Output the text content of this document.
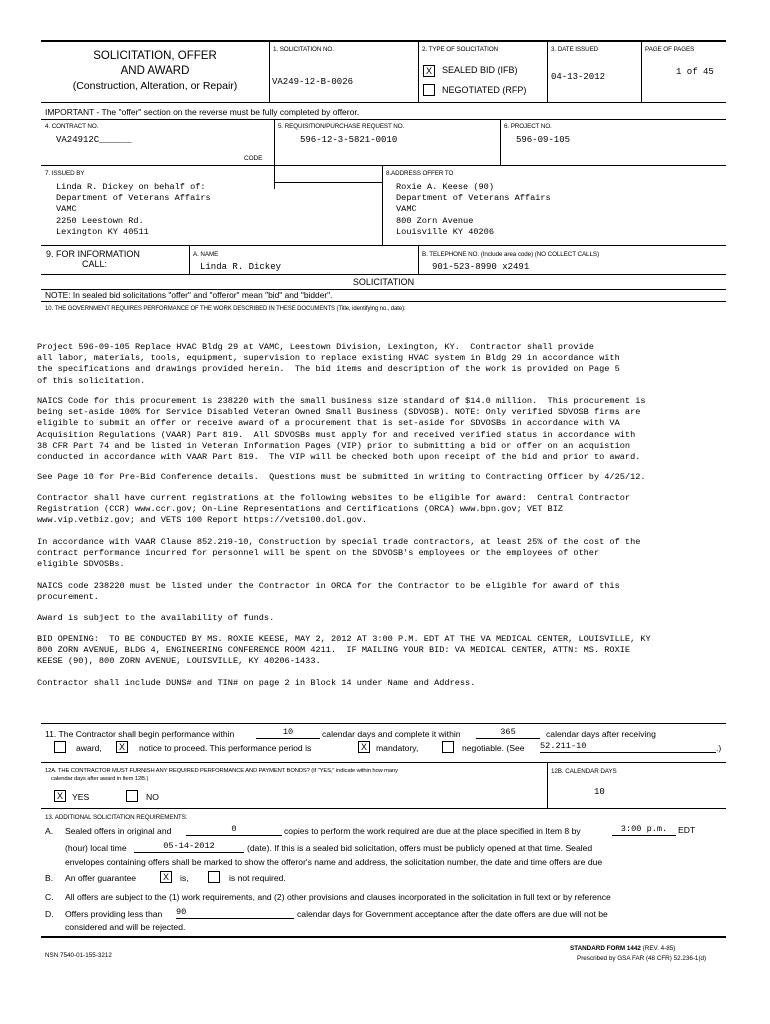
SOLICITATION, OFFER
AND AWARD
(Construction, Alteration, or Repair)
1. SOLICITATION NO.
VA249-12-B-0026
2. TYPE OF SOLICITATION
X	SEALED BID (IFB)
NEGOTIATED (RFP)
3. DATE ISSUED
04-13-2012
PAGE OF PAGES
1 of 45
IMPORTANT - The "offer" section on the reverse must be fully completed by offeror.
4. CONTRACT NO.
VA24912C______
5. REQUISITION/PURCHASE REQUEST NO.
596-12-3-5821-0010
6. PROJECT NO.
596-09-105
CODE
7. ISSUED BY
Linda R. Dickey on behalf of:
Department of Veterans Affairs
VAMC
2250 Leestown Rd.
Lexington KY 40511
8.ADDRESS OFFER TO
Roxie A. Keese (90)
Department of Veterans Affairs
VAMC
800 Zorn Avenue
Louisville KY 40206
9. FOR INFORMATION
CALL:
A. NAME
Linda R. Dickey
B. TELEPHONE NO. (Include area code) (NO COLLECT CALLS)
901-523-8990 x2491
SOLICITATION
NOTE: In sealed bid solicitations "offer" and "offeror" mean "bid" and "bidder".
10. THE GOVERNMENT REQUIRES PERFORMANCE OF THE WORK DESCRIBED IN THESE DOCUMENTS (Title, identifying no., date):
Project 596-09-105 Replace HVAC Bldg 29 at VAMC, Leestown Division, Lexington, KY.  Contractor shall provide
all labor, materials, tools, equipment, supervision to replace existing HVAC system in Bldg 29 in accordance with
the specifications and drawings provided herein.  The bid items and description of the work is provided on Page 5
of this solicitation.
NAICS Code for this procurement is 238220 with the small business size standard of $14.0 million.  This procurement is
being set-aside 100% for Service Disabled Veteran Owned Small Business (SDVOSB). NOTE: Only verified SDVOSB firms are
eligible to submit an offer or receive award of a procurement that is set-aside for SDVOSBs in accordance with VA
Acquisition Regulations (VAAR) Part 819.  All SDVOSBs must apply for and received verified status in accordance with
38 CFR Part 74 and be listed in Veteran Information Pages (VIP) prior to submitting a bid or offer on an acquistion
conducted in accordance with VAAR Part 819.  The VIP will be checked both upon receipt of the bid and prior to award.
See Page 10 for Pre-Bid Conference details.  Questions must be submitted in writing to Contracting Officer by 4/25/12.
Contractor shall have current registrations at the following websites to be eligible for award:  Central Contractor
Registration (CCR) www.ccr.gov; On-Line Representations and Certifications (ORCA) www.bpn.gov; VET BIZ
www.vip.vetbiz.gov; and VETS 100 Report https://vets100.dol.gov.
In accordance with VAAR Clause 852.219-10, Construction by special trade contractors, at least 25% of the cost of the
contract performance incurred for personnel will be spent on the SDVOSB's employees or the employees of other
eligible SDVOSBs.
NAICS code 238220 must be listed under the Contractor in ORCA for the Contractor to be eligible for award of this
procurement.
Award is subject to the availability of funds.
BID OPENING:  TO BE CONDUCTED BY MS. ROXIE KEESE, MAY 2, 2012 AT 3:00 P.M. EDT AT THE VA MEDICAL CENTER, LOUISVILLE, KY
800 ZORN AVENUE, BLDG 4, ENGINEERING CONFERENCE ROOM 4211.  IF MAILING YOUR BID: VA MEDICAL CENTER, ATTN: MS. ROXIE
KEESE (90), 800 ZORN AVENUE, LOUISVILLE, KY 40206-1433.
Contractor shall include DUNS# and TIN# on page 2 in Block 14 under Name and Address.
11. The Contractor shall begin performance within	10	calendar days and complete it within	365	calendar days after receiving
award,	X	notice to proceed. This performance period is	X	mandatory,	negotiable. (See 52.211-10	.)
12A. THE CONTRACTOR MUST FURNISH ANY REQUIRED PERFORMANCE AND PAYMENT BONDS? (If "YES," indicate within how many
calendar days after award in Item 12B.)
X	YES	NO
12B. CALENDAR DAYS
10
13. ADDITIONAL SOLICITATION REQUIREMENTS:
A. Sealed offers in original and	0	copies to perform the work required are due at the place specified in Item 8 by	3:00 p.m.	EDT
(hour) local time	05-14-2012	(date). If this is a sealed bid solicitation, offers must be publicly opened at that time. Sealed
envelopes containing offers shall be marked to show the offeror's name and address, the solicitation number, the date and time offers are due
B. An offer guarantee	X	is,	is not required.
C. All offers are subject to the (1) work requirements, and (2) other provisions and clauses incorporated in the solicitation in full text or by reference
D. Offers providing less than 90	calendar days for Government acceptance after the date offers are due will not be
considered and will be rejected.
NSN 7540-01-155-3212
STANDARD FORM 1442 (REV. 4-85)
Prescribed by GSA FAR (48 CFR) 52.236-1(d)
